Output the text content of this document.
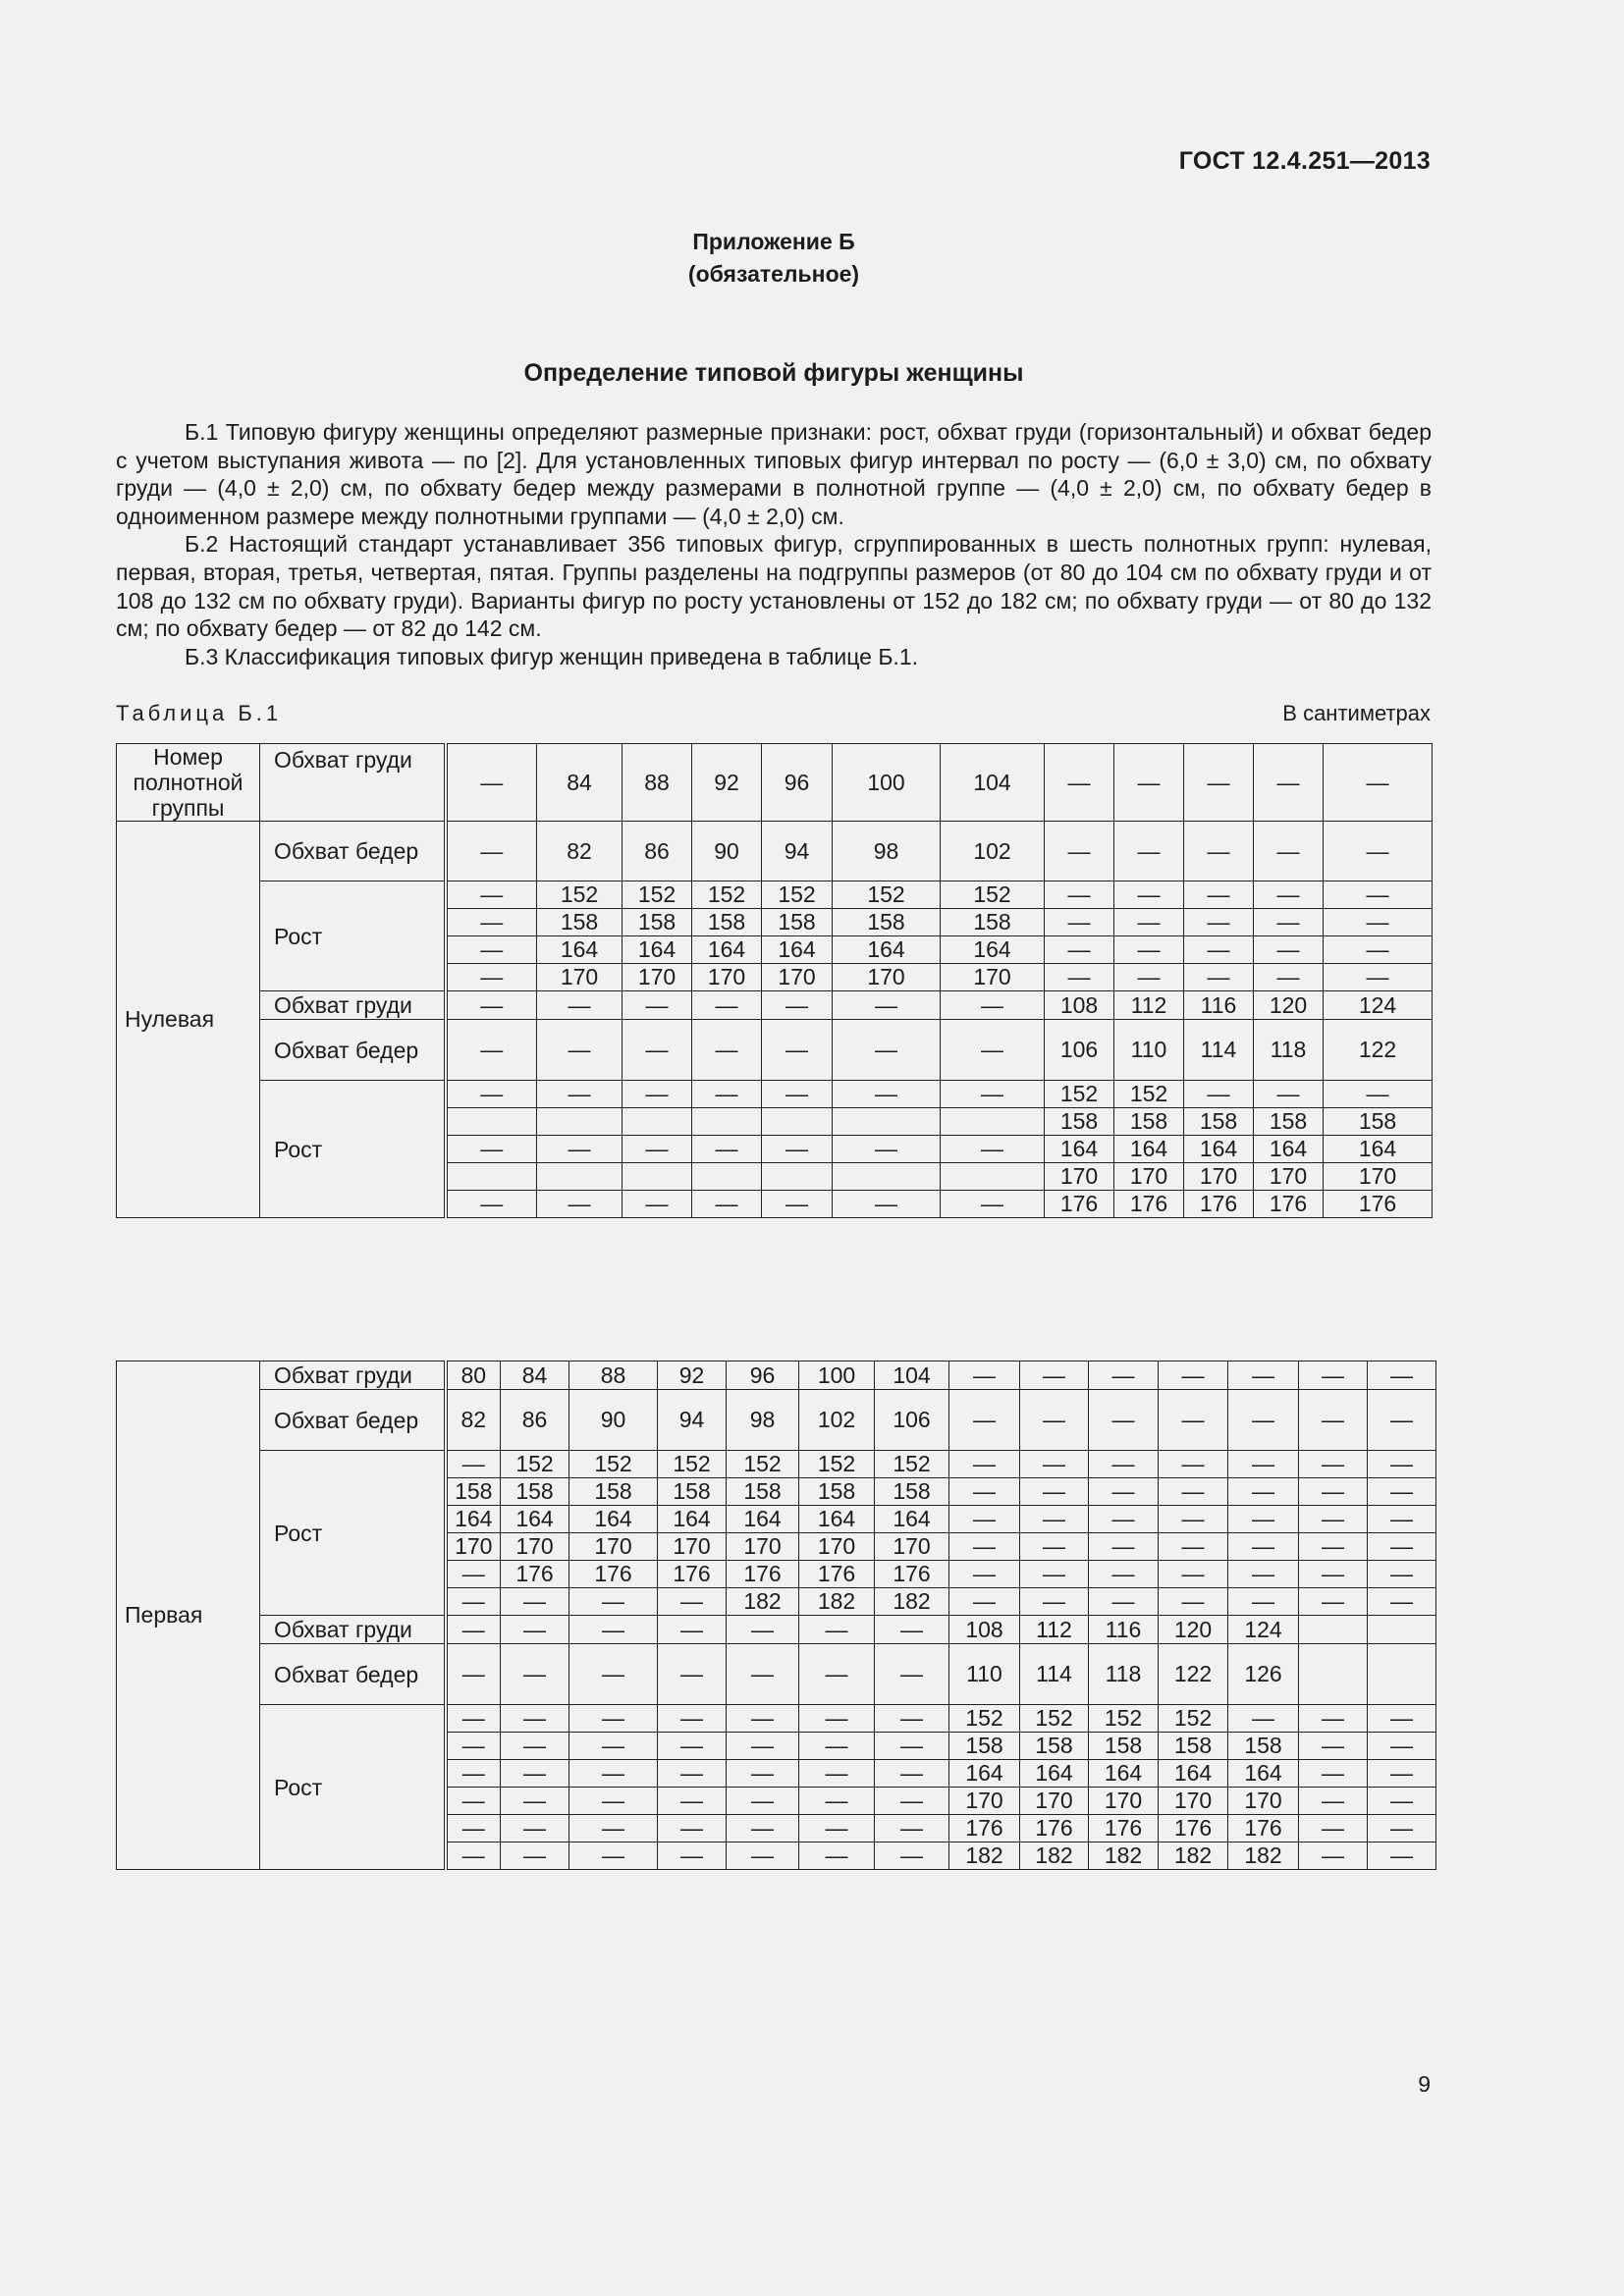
ГОСТ 12.4.251—2013
Приложение Б
(обязательное)
Определение типовой фигуры женщины

Б.1 Типовую фигуру женщины определяют размерные признаки: рост, обхват груди (горизонтальный) и обхват бедер с учетом выступания живота — по [2]. Для установленных типовых фигур интервал по росту — (6,0 ± 3,0) см, по обхвату груди — (4,0 ± 2,0) см, по обхвату бедер между размерами в полнотной группе — (4,0 ± 2,0) см, по обхвату бедер в одноименном размере между полнотными группами — (4,0 ± 2,0) см.

Б.2 Настоящий стандарт устанавливает 356 типовых фигур, сгруппированных в шесть полнотных групп: нулевая, первая, вторая, третья, четвертая, пятая. Группы разделены на подгруппы размеров (от 80 до 104 см по обхвату груди и от 108 до 132 см по обхвату груди). Варианты фигур по росту установлены от 152 до 182 см; по обхвату груди — от 80 до 132 см; по обхвату бедер — от 82 до 142 см.

Б.3 Классификация типовых фигур женщин приведена в таблице Б.1.

Таблица Б.1	В сантиметрах
Номер полнотной группы	Обхват груди	—	84	88	92	96	100	104	—	—	—	—	—
Нулевая	Обхват бедер	—	82	86	90	94	98	102	—	—	—	—	—
	Рост	—	152	152	152	152	152	152	—	—	—	—	—
		—	158	158	158	158	158	158	—	—	—	—	—
		—	164	164	164	164	164	164	—	—	—	—	—
		—	170	170	170	170	170	170	—	—	—	—	—
	Обхват груди	—	—	—	—	—	—	—	108	112	116	120	124
	Обхват бедер	—	—	—	—	—	—	—	106	110	114	118	122
	Рост	—	—	—	—	—	—	—	152	152	—	—	—
									158	158	158	158	158
		—	—	—	—	—	—	—	164	164	164	164	164
									170	170	170	170	170
		—	—	—	—	—	—	—	176	176	176	176	176
Первая	Обхват груди	80	84	88	92	96	100	104	—	—	—	—	—	—	—
	Обхват бедер	82	86	90	94	98	102	106	—	—	—	—	—	—	—
	Рост	—	152	152	152	152	152	152	—	—	—	—	—	—	—
		158	158	158	158	158	158	158	—	—	—	—	—	—	—
		164	164	164	164	164	164	164	—	—	—	—	—	—	—
		170	170	170	170	170	170	170	—	—	—	—	—	—	—
		—	176	176	176	176	176	176	—	—	—	—	—	—	—
		—	—	—	—	182	182	182	—	—	—	—	—	—	—
	Обхват груди	—	—	—	—	—	—	—	108	112	116	120	124		
	Обхват бедер	—	—	—	—	—	—	—	110	114	118	122	126		
	Рост	—	—	—	—	—	—	—	152	152	152	152	—	—	—
		—	—	—	—	—	—	—	158	158	158	158	158	—	—
		—	—	—	—	—	—	—	164	164	164	164	164	—	—
		—	—	—	—	—	—	—	170	170	170	170	170	—	—
		—	—	—	—	—	—	—	176	176	176	176	176	—	—
		—	—	—	—	—	—	—	182	182	182	182	182	—	—
9
